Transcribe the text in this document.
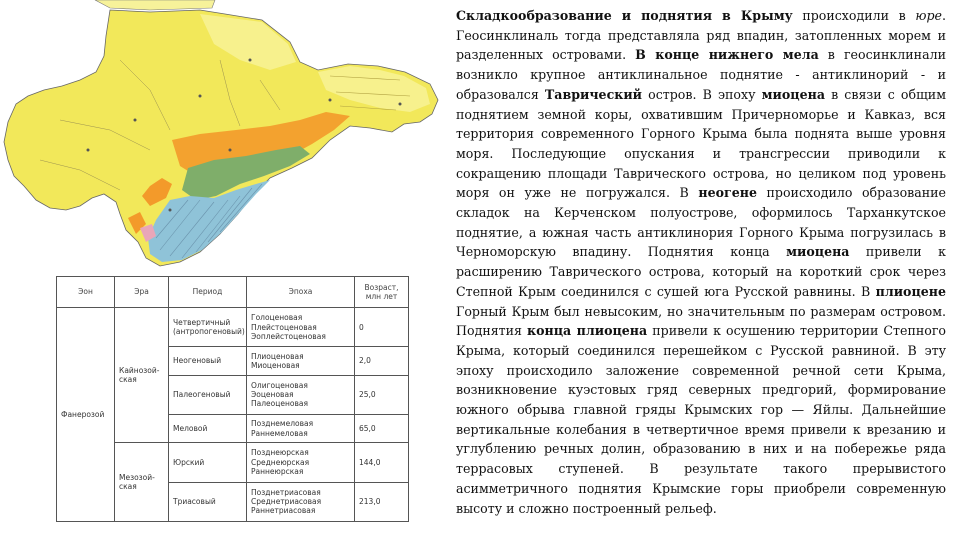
Эон	Эра	Период	Эпоха	Возраст, млн лет
Фанерозой	Кайнозой-ская	Четвертичный (антропогеновый)	Голоценовая Плейстоценовая Эоплейстоценовая	0
		Неогеновый	Плиоценовая Миоценовая	2,0
		Палеогеновый	Олигоценовая Эоценовая Палеоценовая	25,0
		Меловой	Позднемеловая Раннемеловая	65,0
	Мезозой-ская	Юрский	Позднеюрская Среднеюрская Раннеюрская	144,0
		Триасовый	Позднетриасовая Среднетриасовая Раннетриасовая	213,0

Складкообразование и поднятия в Крыму происходили в юре. Геосинклиналь тогда представляла ряд впадин, затопленных морем и разделенных островами. В конце нижнего мела в геосинклинали возникло крупное антиклинальное поднятие - антиклинорий - и образовался Таврический остров. В эпоху миоцена в связи с общим поднятием земной коры, охватившим Причерноморье и Кавказ, вся территория современного Горного Крыма была поднята выше уровня моря. Последующие опускания и трансгрессии приводили к сокращению площади Таврического острова, но целиком под уровень моря он уже не погружался. В неогене происходило образование складок на Керченском полуострове, оформилось Тарханкутское поднятие, а южная часть антиклинория Горного Крыма погрузилась в Черноморскую впадину. Поднятия конца миоцена привели к расширению Таврического острова, который на короткий срок через Степной Крым соединился с сушей юга Русской равнины. В плиоцене Горный Крым был невысоким, но значительным по размерам островом. Поднятия конца плиоцена привели к осушению территории Степного Крыма, который соединился перешейком с Русской равниной. В эту эпоху происходило заложение современной речной сети Крыма, возникновение куэстовых гряд северных предгорий, формирование южного обрыва главной гряды Крымских гор — Яйлы. Дальнейшие вертикальные колебания в четвертичное время привели к врезанию и углублению речных долин, образованию в них и на побережье ряда террасовых ступеней. В результате такого прерывистого асимметричного поднятия Крымские горы приобрели современную высоту и сложно построенный рельеф.
